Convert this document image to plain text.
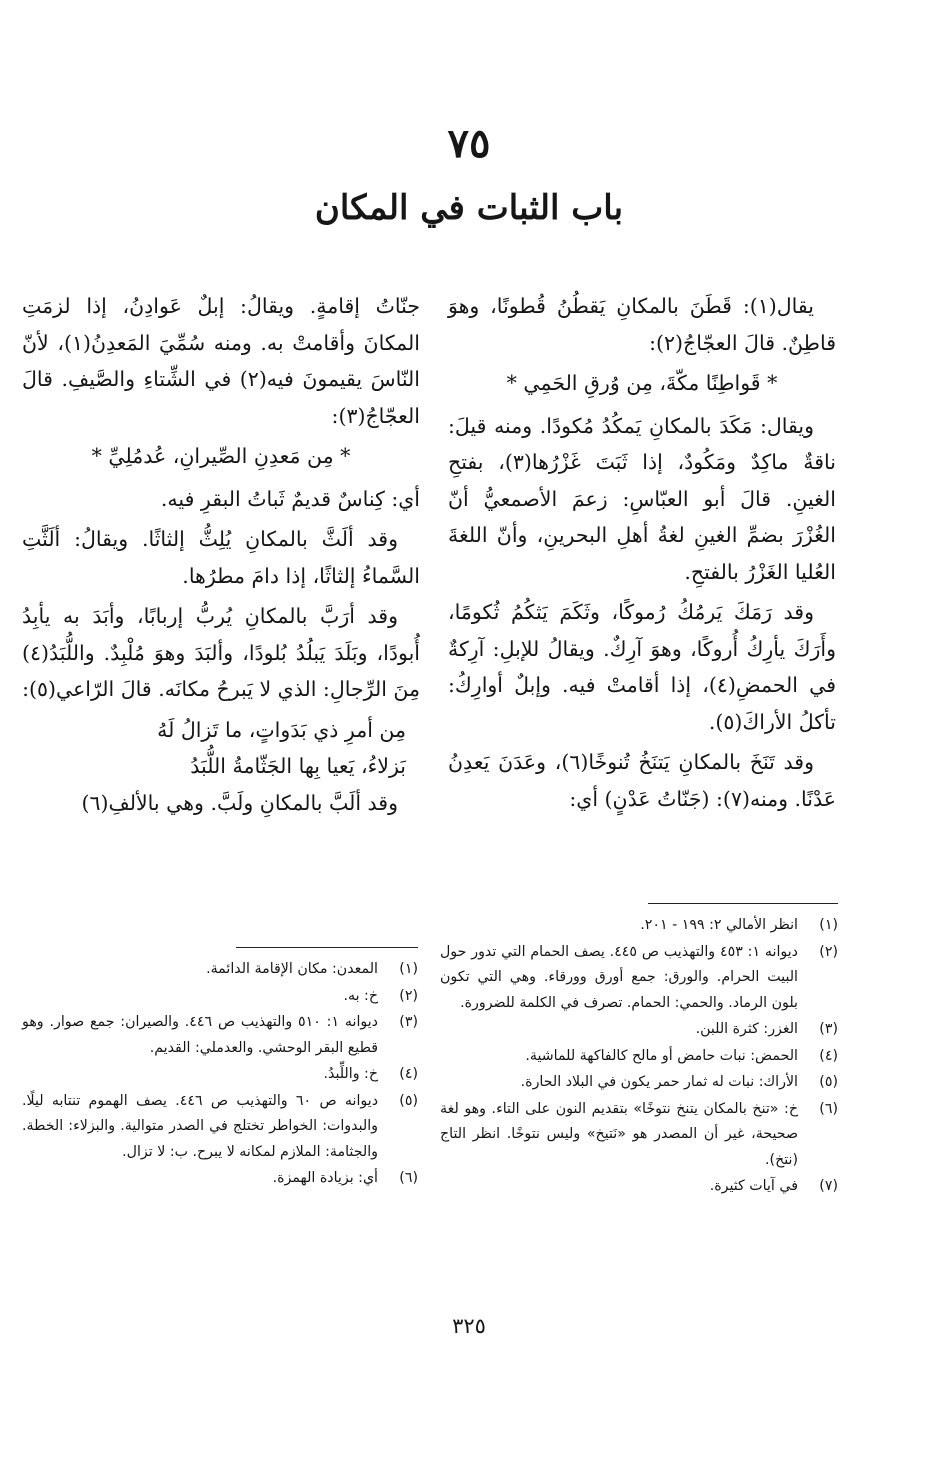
٧٥
باب الثبات في المكان

يقال(١): قَطَنَ بالمكانِ يَقطُنُ قُطونًا، وهوَ قاطِنٌ. قالَ العجّاجُ(٢):

* قَواطِنًا مكّةَ، مِن وُرقِ الحَمِي *

ويقال: مَكَدَ بالمكانِ يَمكُدُ مُكودًا. ومنه قيلَ: ناقةٌ ماكِدٌ ومَكُودٌ، إذا ثَبَتَ غَزْرُها(٣)، بفتحِ الغينِ. قالَ أبو العبّاسِ: زعمَ الأصمعيُّ أنّ الغُزْرَ بضمِّ الغينِ لغةُ أهلِ البحرينِ، وأنّ اللغةَ العُليا الغَزْرُ بالفتحِ.

وقد رَمَكَ يَرمُكُ رُموكًا، وثَكَمَ يَثكُمُ ثُكومًا، وأَرَكَ يأرِكُ أُروكًا، وهوَ آرِكٌ. ويقالُ للإبلِ: آرِكةٌ في الحمضِ(٤)، إذا أقامتْ فيه. وإبلٌ أوارِكُ: تأكلُ الأراكَ(٥).

وقد تَنَخَ بالمكانِ يَتنَخُ تُنوخًا(٦)، وعَدَنَ يَعدِنُ عَدْنًا. ومنه(٧): (جَنّاتُ عَدْنٍ) أي:

جنّاتُ إقامةٍ. ويقالُ: إبلٌ عَوادِنُ، إذا لزمَتِ المكانَ وأقامتْ به. ومنه سُمِّيَ المَعدِنُ(١)، لأنّ النّاسَ يقيمونَ فيه(٢) في الشِّتاءِ والصَّيفِ. قالَ العجّاجُ(٣):

* مِن مَعدِنِ الصِّيرانِ، عُدمُلِيِّ *

أي: كِناسٌ قديمٌ ثَباتُ البقرِ فيه.

وقد ألَثَّ بالمكانِ يُلِثُّ إلثاثًا. ويقالُ: ألَثَّتِ السَّماءُ إلثاثًا، إذا دامَ مطرُها.

وقد أرَبَّ بالمكانِ يُربُّ إربابًا، وأبَدَ به يأبِدُ أُبودًا، وبَلَدَ يَبلُدُ بُلودًا، وألبَدَ وهوَ مُلْبِدٌ. واللُّبَدُ(٤) مِنَ الرِّجالِ: الذي لا يَبرحُ مكانَه. قالَ الرّاعي(٥):

مِن أمرِ ذي بَدَواتٍ، ما تَزالُ لَهُ

بَزلاءُ، يَعيا بِها الجَثّامةُ اللُّبَدُ

وقد ألَبَّ بالمكانِ ولَبَّ. وهي بالألفِ(٦)

(١)
انظر الأمالي ٢: ١٩٩ - ٢٠١.
(٢)
ديوانه ١: ٤٥٣ والتهذيب ص ٤٤٥. يصف الحمام التي تدور حول البيت الحرام. والورق: جمع أورق وورقاء. وهي التي تكون بلون الرماد. والحمي: الحمام. تصرف في الكلمة للضرورة.
(٣)
الغزر: كثرة اللبن.
(٤)
الحمض: نبات حامض أو مالح كالفاكهة للماشية.
(٥)
الأراك: نبات له ثمار حمر يكون في البلاد الحارة.
(٦)
خ: «تنخ بالمكان يتنخ نتوخًا» بتقديم النون على التاء. وهو لغة صحيحة، غير أن المصدر هو «نَتيخ» وليس نتوخًا. انظر التاج (نتخ).
(٧)
في آيات كثيرة.
(١)
المعدن: مكان الإقامة الدائمة.
(٢)
خ: به.
(٣)
ديوانه ١: ٥١٠ والتهذيب ص ٤٤٦. والصيران: جمع صوار. وهو قطيع البقر الوحشي. والعدملي: القديم.
(٤)
خ: واللِّبدُ.
(٥)
ديوانه ص ٦٠ والتهذيب ص ٤٤٦. يصف الهموم تنتابه ليلًا. والبدوات: الخواطر تختلج في الصدر متوالية. والبزلاء: الخطة. والجثامة: الملازم لمكانه لا يبرح. ب: لا تزال.
(٦)
أي: بزيادة الهمزة.
٣٢٥
